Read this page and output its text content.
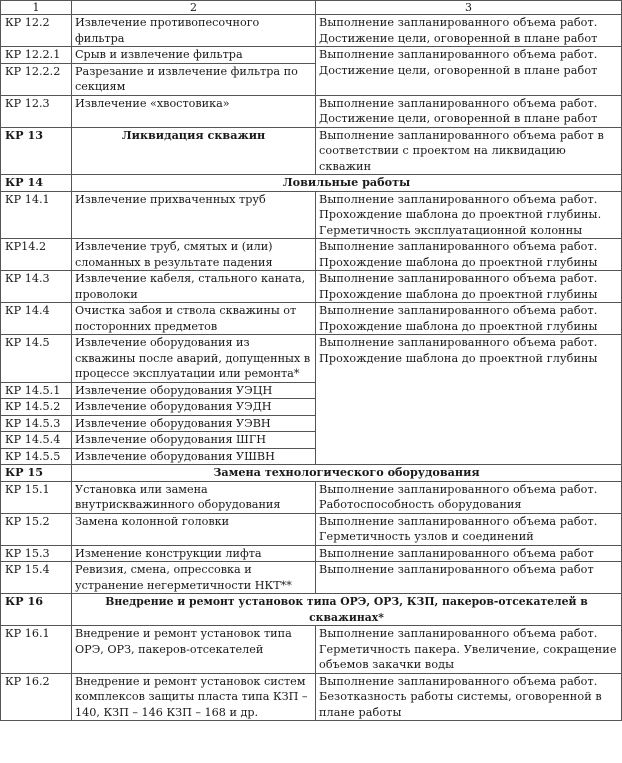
1	2	3
КР 12.2	Извлечение противопесочного фильтра	Выполнение запланированного объема работ. Достижение цели, оговоренной в плане работ
КР 12.2.1	Срыв и извлечение фильтра	Выполнение запланированного объема работ. Достижение цели, оговоренной в плане работ
КР 12.2.2	Разрезание и извлечение фильтра по секциям	
КР 12.3	Извлечение «хвостовика»	Выполнение запланированного объема работ. Достижение цели, оговоренной в плане работ
КР 13	Ликвидация скважин	Выполнение запланированного объема работ в соответствии с проектом на ликвидацию скважин
КР 14	Ловильные работы	
КР 14.1	Извлечение прихваченных труб	Выполнение запланированного объема работ. Прохождение шаблона до проектной глубины. Герметичность эксплуатационной колонны
КР14.2	Извлечение труб, смятых и (или) сломанных в результате падения	Выполнение запланированного объема работ. Прохождение шаблона до проектной глубины
КР 14.3	Извлечение кабеля, стального каната, проволоки	Выполнение запланированного объема работ. Прохождение шаблона до проектной глубины
КР 14.4	Очистка забоя и ствола скважины от посторонних предметов	Выполнение запланированного объема работ. Прохождение шаблона до проектной глубины
КР 14.5	Извлечение оборудования из скважины после аварий, допущенных в процессе эксплуатации или ремонта*	Выполнение запланированного объема работ. Прохождение шаблона до проектной глубины
КР 14.5.1	Извлечение оборудования УЭЦН	
КР 14.5.2	Извлечение оборудования УЭДН	
КР 14.5.3	Извлечение оборудования УЭВН	
КР 14.5.4	Извлечение оборудования ШГН	
КР 14.5.5	Извлечение оборудования УШВН	
КР 15	Замена технологического оборудования	
КР 15.1	Установка или замена внутрискважинного оборудования	Выполнение запланированного объема работ. Работоспособность оборудования
КР 15.2	Замена колонной головки	Выполнение запланированного объема работ. Герметичность узлов и соединений
КР 15.3	Изменение конструкции лифта	Выполнение запланированного объема работ
КР 15.4	Ревизия, смена, опрессовка и устранение негерметичности НКТ**	Выполнение запланированного объема работ
КР 16	Внедрение и ремонт установок типа ОРЭ, ОРЗ, КЗП, пакеров-отсекателей в скважинах*	
КР 16.1	Внедрение и ремонт установок типа ОРЭ, ОРЗ, пакеров-отсекателей	Выполнение запланированного объема работ. Герметичность пакера. Увеличение, сокращение объемов закачки воды
КР 16.2	Внедрение и ремонт установок систем комплексов защиты пласта типа КЗП – 140, КЗП – 146 КЗП – 168 и др.	Выполнение запланированного объема работ. Безотказность работы системы, оговоренной в плане работы
